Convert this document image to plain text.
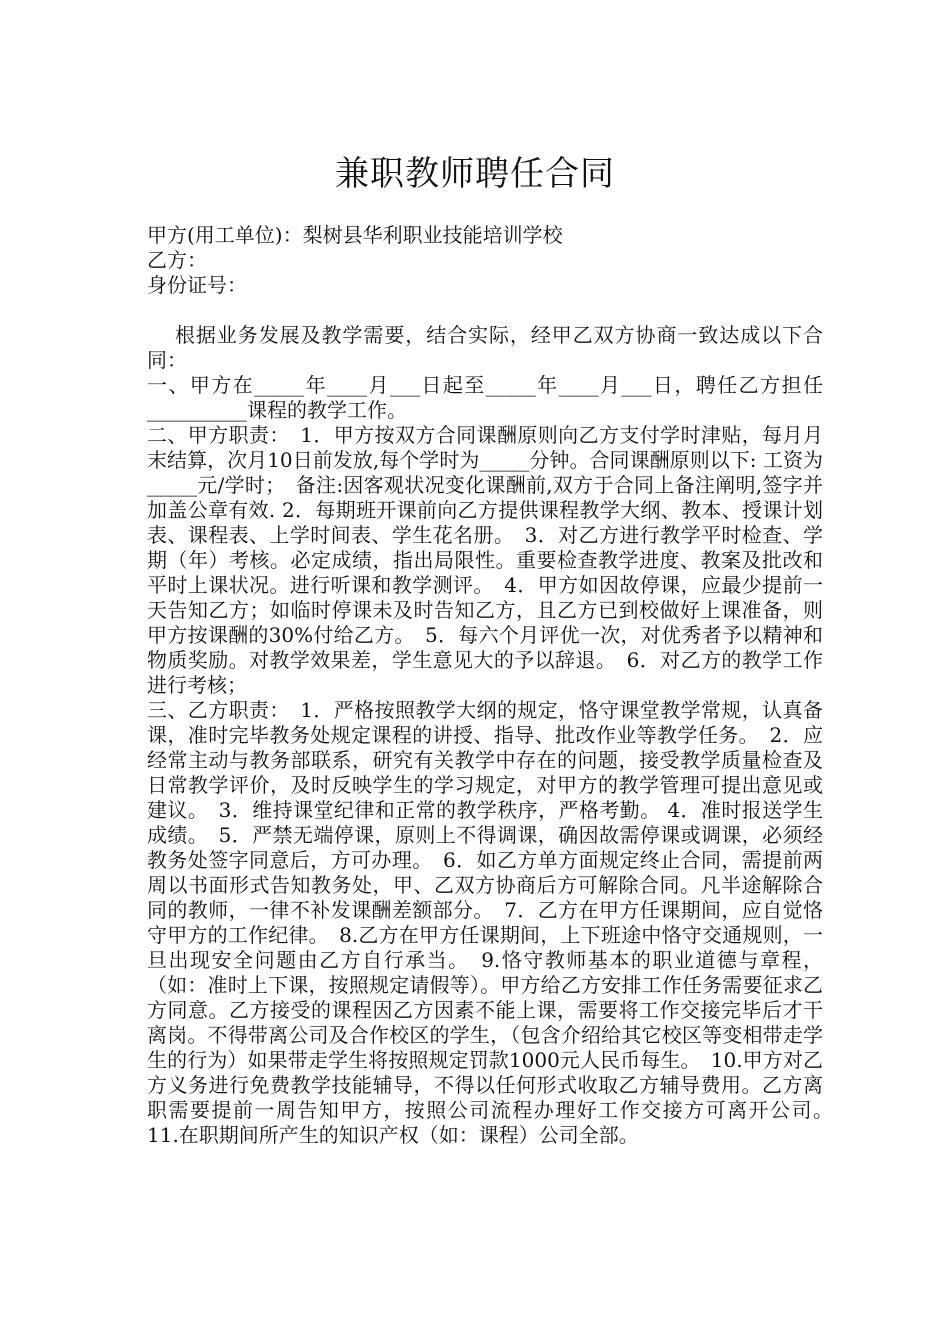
兼职教师聘任合同

甲方(用工单位)：梨树县华利职业技能培训学校

乙方：

身份证号：

根据业务发展及教学需要，结合实际，经甲乙双方协商一致达成以下合同：

一、甲方在_____年____月___日起至_____年____月___日，聘任乙方担任__________课程的教学工作。

二、甲方职责：　1．甲方按双方合同课酬原则向乙方支付学时津贴，每月月末结算，次月10日前发放,每个学时为_____分钟。合同课酬原则以下: 工资为_____元/学时；　备注:因客观状况变化课酬前,双方于合同上备注阐明,签字并加盖公章有效. 2．每期班开课前向乙方提供课程教学大纲、教本、授课计划表、课程表、上学时间表、学生花名册。　3．对乙方进行教学平时检查、学期（年）考核。必定成绩，指出局限性。重要检查教学进度、教案及批改和平时上课状况。进行听课和教学测评。　4．甲方如因故停课，应最少提前一天告知乙方；如临时停课未及时告知乙方，且乙方已到校做好上课准备，则甲方按课酬的30%付给乙方。　5．每六个月评优一次，对优秀者予以精神和物质奖励。对教学效果差，学生意见大的予以辞退。　6．对乙方的教学工作进行考核；

三、乙方职责：　1．严格按照教学大纲的规定，恪守课堂教学常规，认真备课，准时完毕教务处规定课程的讲授、指导、批改作业等教学任务。　2．应经常主动与教务部联系，研究有关教学中存在的问题，接受教学质量检查及日常教学评价，及时反映学生的学习规定，对甲方的教学管理可提出意见或建议。　3．维持课堂纪律和正常的教学秩序，严格考勤。 4．准时报送学生成绩。　5．严禁无端停课，原则上不得调课，确因故需停课或调课，必须经教务处签字同意后，方可办理。　6．如乙方单方面规定终止合同，需提前两周以书面形式告知教务处，甲、乙双方协商后方可解除合同。凡半途解除合同的教师，一律不补发课酬差额部分。　7．乙方在甲方任课期间，应自觉恪守甲方的工作纪律。　8.乙方在甲方任课期间，上下班途中恪守交通规则，一旦出现安全问题由乙方自行承当。　9.恪守教师基本的职业道德与章程，（如：准时上下课，按照规定请假等）。甲方给乙方安排工作任务需要征求乙方同意。乙方接受的课程因乙方因素不能上课，需要将工作交接完毕后才干离岗。不得带离公司及合作校区的学生，（包含介绍给其它校区等变相带走学生的行为）如果带走学生将按照规定罚款1000元人民币每生。　10.甲方对乙方义务进行免费教学技能辅导，不得以任何形式收取乙方辅导费用。乙方离职需要提前一周告知甲方，按照公司流程办理好工作交接方可离开公司。　11.在职期间所产生的知识产权（如：课程）公司全部。
